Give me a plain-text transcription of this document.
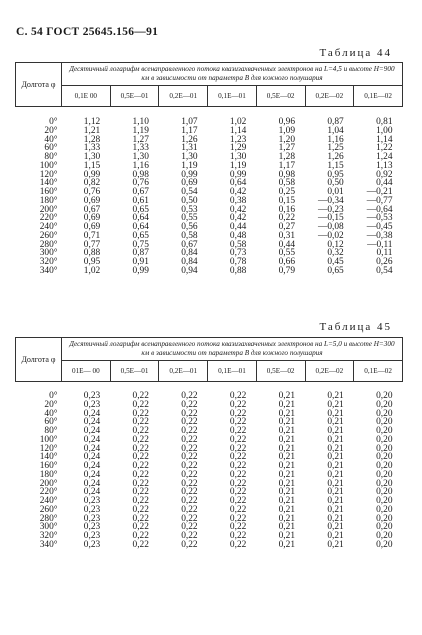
С. 54 ГОСТ 25645.156—91
Таблица 44
Долгота φ	Десятичный логарифм всенаправленного потока квазизахваченных электронов на L=4,5 и высоте H=900 км в зависимости от параметра B для южного полушария						
	0,1E 00	0,5E—01	0,2E—01	0,1E—01	0,5E—02	0,2E—02	0,1E—02

0°	1,12	1,10	1,07	1,02	0,96	0,87	0,81
20°	1,21	1,19	1,17	1,14	1,09	1,04	1,00
40°	1,28	1,27	1,26	1,23	1,20	1,16	1,14
60°	1,33	1,33	1,31	1,29	1,27	1,25	1,22
80°	1,30	1,30	1,30	1,30	1,28	1,26	1,24
100°	1,15	1,16	1,19	1,19	1,17	1,15	1,13
120°	0,99	0,98	0,99	0,99	0,98	0,95	0,92
140°	0,82	0,76	0,69	0,64	0,58	0,50	0,44
160°	0,76	0,67	0,54	0,42	0,25	0,01	—0,21
180°	0,69	0,61	0,50	0,38	0,15	—0,34	—0,77
200°	0,67	0,65	0,53	0,42	0,16	—0,23	—0,64
220°	0,69	0,64	0,55	0,42	0,22	—0,15	—0,53
240°	0,69	0,64	0,56	0,44	0,27	—0,08	—0,45
260°	0,71	0,65	0,58	0,48	0,31	—0,02	—0,38
280°	0,77	0,75	0,67	0,58	0,44	0,12	—0,11
300°	0,88	0,87	0,84	0,73	0,55	0,32	0,11
320°	0,95	0,91	0,84	0,78	0,66	0,45	0,26
340°	1,02	0,99	0,94	0,88	0,79	0,65	0,54
Таблица 45
Долгота φ	Десятичный логарифм всенаправленного потока квазизахваченных электронов на L=5,0 и высоте H=300 км в зависимости от параметра B для южного полушария						
	01E— 00	0,5E—01	0,2E—01	0,1E—01	0,5E—02	0,2E—02	0,1E—02

0°	0,23	0,22	0,22	0,22	0,21	0,21	0,20
20°	0,23	0,22	0,22	0,22	0,21	0,21	0,20
40°	0,24	0,22	0,22	0,22	0,21	0,21	0,20
60°	0,24	0,22	0,22	0,22	0,21	0,21	0,20
80°	0,24	0,22	0,22	0,22	0,21	0,21	0,20
100°	0,24	0,22	0,22	0,22	0,21	0,21	0,20
120°	0,24	0,22	0,22	0,22	0,21	0,21	0,20
140°	0,24	0,22	0,22	0,22	0,21	0,21	0,20
160°	0,24	0,22	0,22	0,22	0,21	0,21	0,20
180°	0,24	0,22	0,22	0,22	0,21	0,21	0,20
200°	0,24	0,22	0,22	0,22	0,21	0,21	0,20
220°	0,24	0,22	0,22	0,22	0,21	0,21	0,20
240°	0,23	0,22	0,22	0,22	0,21	0,21	0,20
260°	0,23	0,22	0,22	0,22	0,21	0,21	0,20
280°	0,23	0,22	0,22	0,22	0,21	0,21	0,20
300°	0,23	0,22	0,22	0,22	0,21	0,21	0,20
320°	0,23	0,22	0,22	0,22	0,21	0,21	0,20
340°	0,23	0,22	0,22	0,22	0,21	0,21	0,20
